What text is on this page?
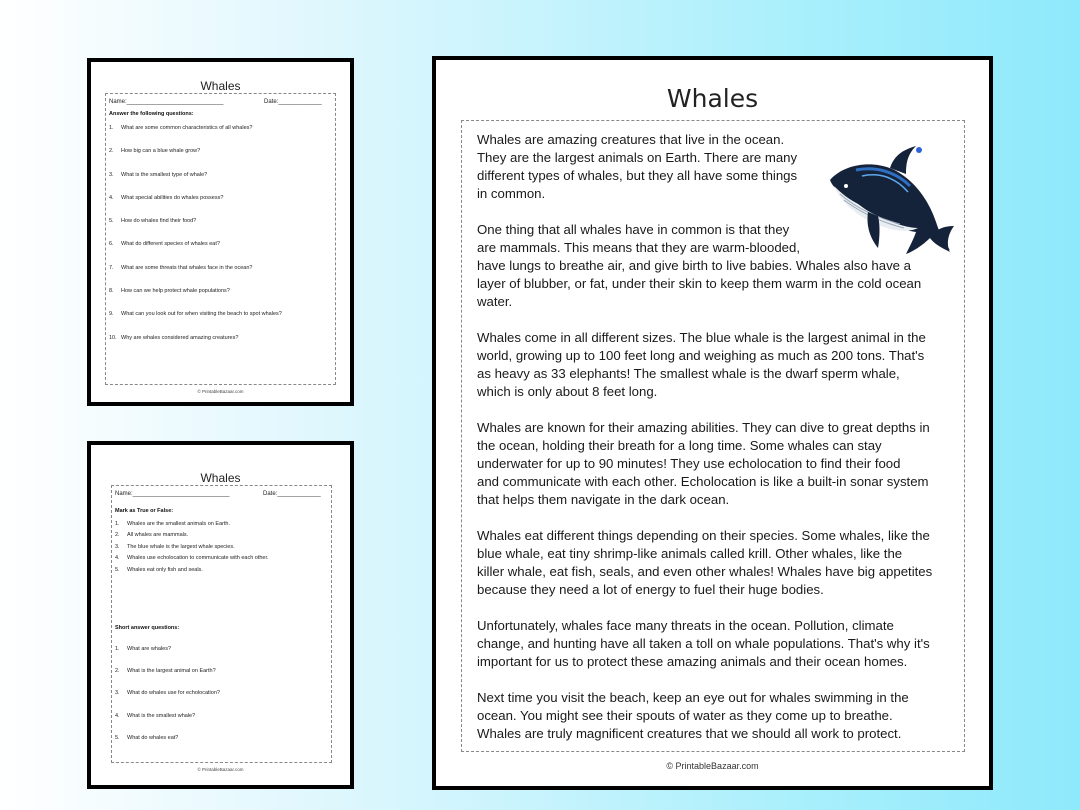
Whales
Name:_____________________________	Date:_____________
Answer the following questions:
1. What are some common characteristics of all whales?
2. How big can a blue whale grow?
3. What is the smallest type of whale?
4. What special abilities do whales possess?
5. How do whales find their food?
6. What do different species of whales eat?
7. What are some threats that whales face in the ocean?
8. How can we help protect whale populations?
9. What can you look out for when visiting the beach to spot whales?
10. Why are whales considered amazing creatures?
© PrintableBazaar.com
Whales
Name:_____________________________	Date:_____________
Mark as True or False:
1. Whales are the smallest animals on Earth.
2. All whales are mammals.
3. The blue whale is the largest whale species.
4. Whales use echolocation to communicate with each other.
5. Whales eat only fish and seals.
Short answer questions:
1. What are whales?
2. What is the largest animal on Earth?
3. What do whales use for echolocation?
4. What is the smallest whale?
5. What do whales eat?
© PrintableBazaar.com
Whales
Whales are amazing creatures that live in the ocean.
They are the largest animals on Earth. There are many
different types of whales, but they all have some things
in common.
One thing that all whales have in common is that they
are mammals. This means that they are warm-blooded,
have lungs to breathe air, and give birth to live babies. Whales also have a
layer of blubber, or fat, under their skin to keep them warm in the cold ocean
water.
Whales come in all different sizes. The blue whale is the largest animal in the
world, growing up to 100 feet long and weighing as much as 200 tons. That's
as heavy as 33 elephants! The smallest whale is the dwarf sperm whale,
which is only about 8 feet long.
Whales are known for their amazing abilities. They can dive to great depths in
the ocean, holding their breath for a long time. Some whales can stay
underwater for up to 90 minutes! They use echolocation to find their food
and communicate with each other. Echolocation is like a built-in sonar system
that helps them navigate in the dark ocean.
Whales eat different things depending on their species. Some whales, like the
blue whale, eat tiny shrimp-like animals called krill. Other whales, like the
killer whale, eat fish, seals, and even other whales! Whales have big appetites
because they need a lot of energy to fuel their huge bodies.
Unfortunately, whales face many threats in the ocean. Pollution, climate
change, and hunting have all taken a toll on whale populations. That's why it's
important for us to protect these amazing animals and their ocean homes.
Next time you visit the beach, keep an eye out for whales swimming in the
ocean. You might see their spouts of water as they come up to breathe.
Whales are truly magnificent creatures that we should all work to protect.
© PrintableBazaar.com
